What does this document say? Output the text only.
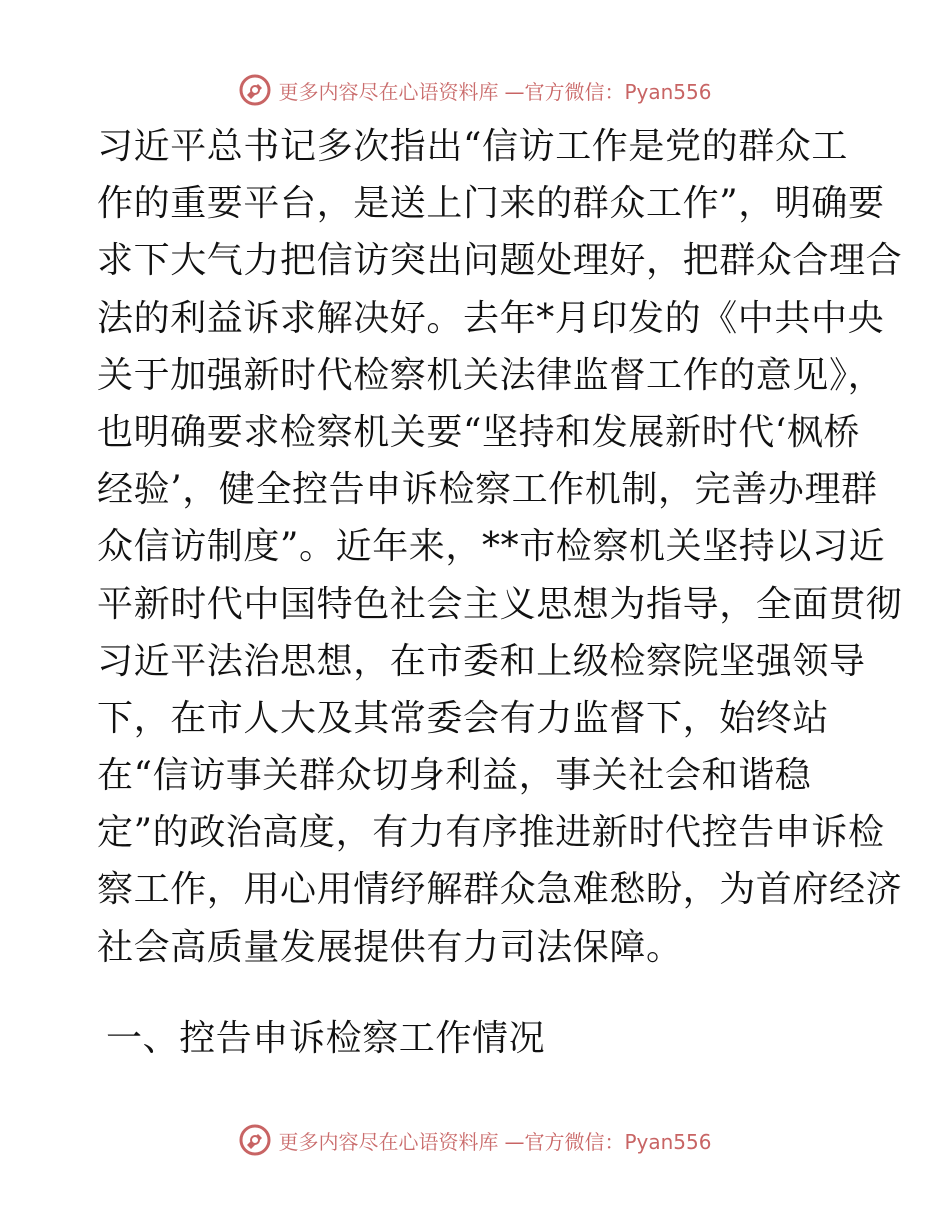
更多内容尽在心语资料库 —官方微信：Pyan556
习近平总书记多次指出“信访工作是党的群众工
作的重要平台，是送上门来的群众工作”，明确要
求下大气力把信访突出问题处理好，把群众合理合
法的利益诉求解决好。去年*月印发的《中共中央
关于加强新时代检察机关法律监督工作的意见》，
也明确要求检察机关要“坚持和发展新时代‘枫桥
经验’，健全控告申诉检察工作机制，完善办理群
众信访制度”。近年来，**市检察机关坚持以习近
平新时代中国特色社会主义思想为指导，全面贯彻
习近平法治思想，在市委和上级检察院坚强领导
下，在市人大及其常委会有力监督下，始终站
在“信访事关群众切身利益，事关社会和谐稳
定”的政治高度，有力有序推进新时代控告申诉检
察工作，用心用情纾解群众急难愁盼，为首府经济
社会高质量发展提供有力司法保障。
一、控告申诉检察工作情况
更多内容尽在心语资料库 —官方微信：Pyan556
